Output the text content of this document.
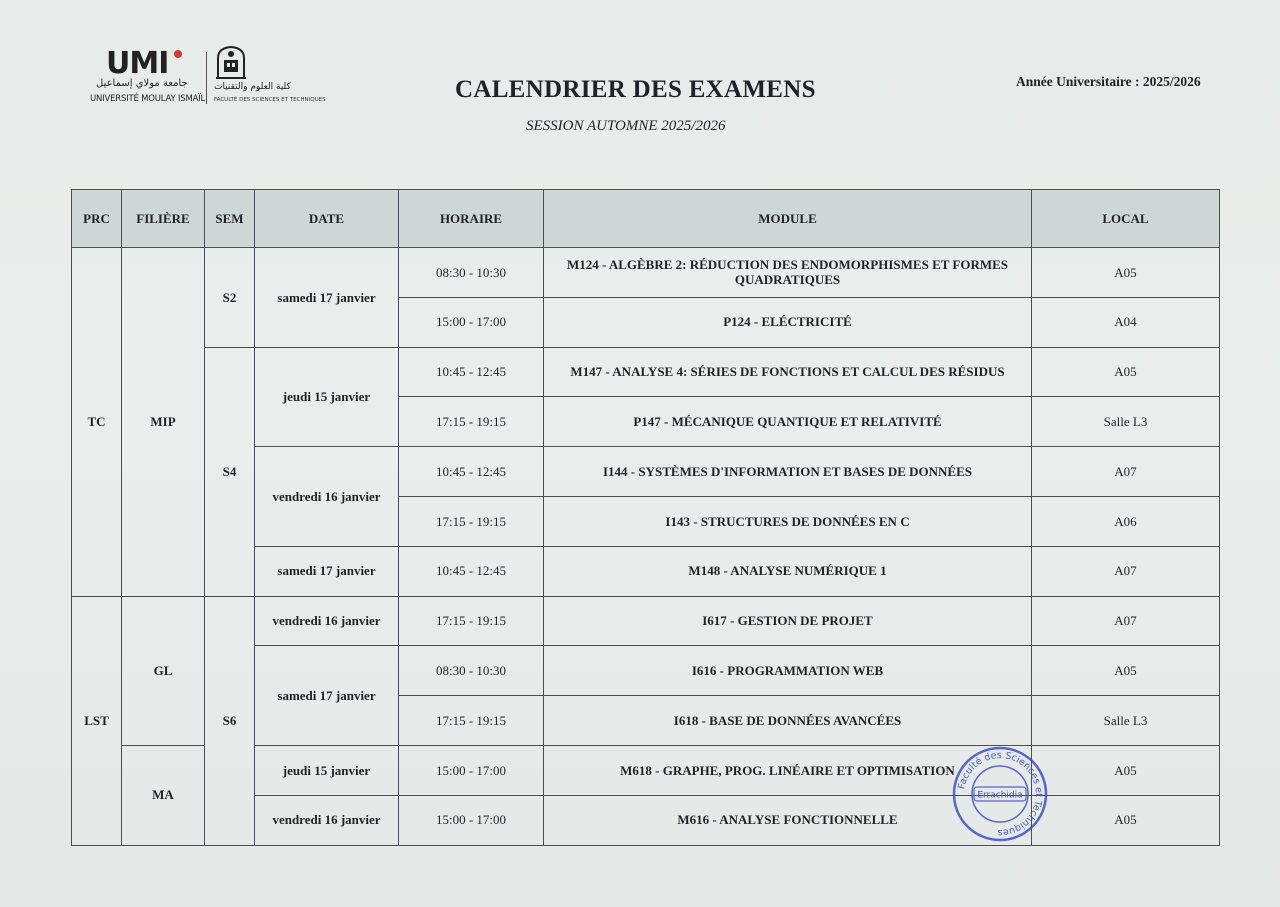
UMI
جامعة مولاي إسماعيل
UNIVERSITÉ MOULAY ISMAÏL
كلية العلوم والتقنيات
FACULTÉ DES SCIENCES ET TECHNIQUES	CALENDRIER DES EXAMENS
SESSION AUTOMNE 2025/2026
Année Universitaire : 2025/2026
PRC	FILIÈRE	SEM	DATE	HORAIRE	MODULE	LOCAL
TC	MIP	S2	samedi 17 janvier	08:30 - 10:30	M124 - ALGÈBRE 2: RÉDUCTION DES ENDOMORPHISMES ET FORMES QUADRATIQUES	A05
				15:00 - 17:00	P124 - ELÉCTRICITÉ	A04
		S4	jeudi 15 janvier	10:45 - 12:45	M147 - ANALYSE 4: SÉRIES DE FONCTIONS ET CALCUL DES RÉSIDUS	A05
				17:15 - 19:15	P147 - MÉCANIQUE QUANTIQUE ET RELATIVITÉ	Salle L3
			vendredi 16 janvier	10:45 - 12:45	I144 - SYSTÈMES D'INFORMATION ET BASES DE DONNÉES	A07
				17:15 - 19:15	I143 - STRUCTURES DE DONNÉES EN C	A06
			samedi 17 janvier	10:45 - 12:45	M148 - ANALYSE NUMÉRIQUE 1	A07
LST	GL	S6	vendredi 16 janvier	17:15 - 19:15	I617 - GESTION DE PROJET	A07
			samedi 17 janvier	08:30 - 10:30	I616 - PROGRAMMATION WEB	A05
				17:15 - 19:15	I618 - BASE DE DONNÉES AVANCÉES	Salle L3
	MA		jeudi 15 janvier	15:00 - 17:00	M618 - GRAPHE, PROG. LINÉAIRE ET OPTIMISATION	A05
			vendredi 16 janvier	15:00 - 17:00	M616 - ANALYSE FONCTIONNELLE	A05
Faculté des Sciences et Techniques
Errachidia
